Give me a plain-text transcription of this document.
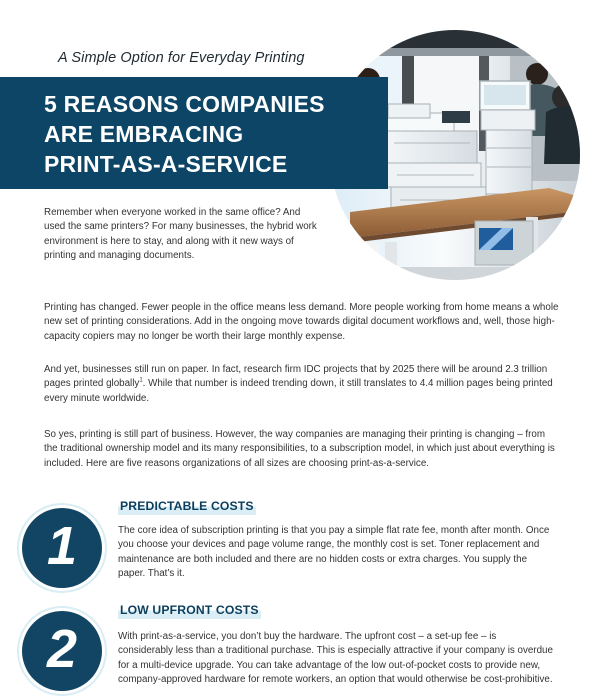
A Simple Option for Everyday Printing
5 REASONS COMPANIES
ARE EMBRACING
PRINT-AS-A-SERVICE
Remember when everyone worked in the same office? And used the same printers? For many businesses, the hybrid work environment is here to stay, and along with it new ways of printing and managing documents.
Printing has changed. Fewer people in the office means less demand. More people working from home means a whole new set of printing considerations. Add in the ongoing move towards digital document workflows and, well, those high-capacity copiers may no longer be worth their large monthly expense.
And yet, businesses still run on paper. In fact, research firm IDC projects that by 2025 there will be around 2.3 trillion pages printed globally$^1$. While that number is indeed trending down, it still translates to 4.4 million pages being printed every minute worldwide.
So yes, printing is still part of business. However, the way companies are managing their printing is changing – from the traditional ownership model and its many responsibilities, to a subscription model, in which just about everything is included. Here are five reasons organizations of all sizes are choosing print-as-a-service.
1
PREDICTABLE COSTS
The core idea of subscription printing is that you pay a simple flat rate fee, month after month. Once you choose your devices and page volume range, the monthly cost is set. Toner replacement and maintenance are both included and there are no hidden costs or extra charges. You supply the paper. That’s it.
2
LOW UPFRONT COSTS
With print-as-a-service, you don’t buy the hardware. The upfront cost – a set-up fee – is considerably less than a traditional purchase. This is especially attractive if your company is overdue for a multi-device upgrade. You can take advantage of the low out-of-pocket costs to provide new, company-approved hardware for remote workers, an option that would otherwise be cost-prohibitive.
